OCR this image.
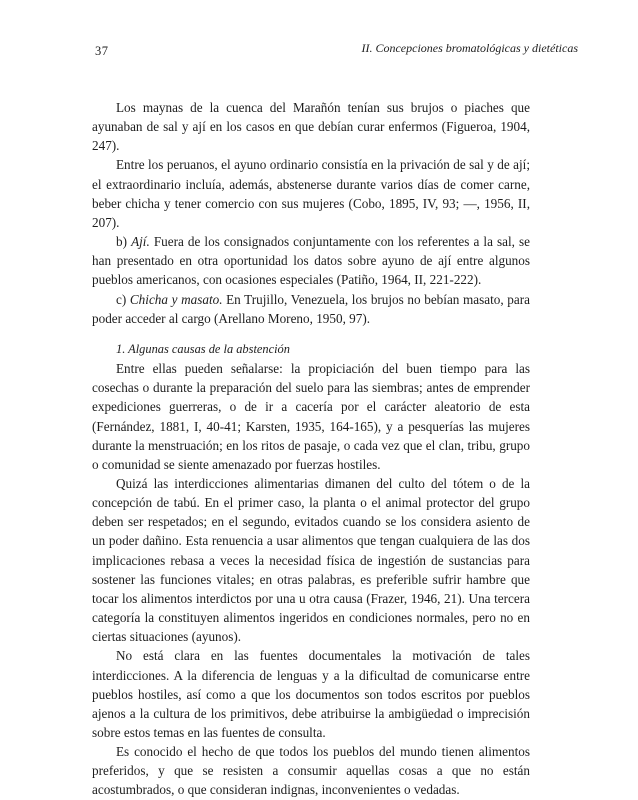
37	II. Concepciones bromatológicas y dietéticas

Los maynas de la cuenca del Marañón tenían sus brujos o piaches que ayunaban de sal y ají en los casos en que debían curar enfermos (Figueroa, 1904, 247).

Entre los peruanos, el ayuno ordinario consistía en la privación de sal y de ají; el extraordinario incluía, además, abstenerse durante varios días de comer carne, beber chicha y tener comercio con sus mujeres (Cobo, 1895, IV, 93; —, 1956, II, 207).

b) Ají. Fuera de los consignados conjuntamente con los referentes a la sal, se han presentado en otra oportunidad los datos sobre ayuno de ají entre algunos pueblos americanos, con ocasiones especiales (Patiño, 1964, II, 221-222).

c) Chicha y masato. En Trujillo, Venezuela, los brujos no bebían masato, para poder acceder al cargo (Arellano Moreno, 1950, 97).

1. Algunas causas de la abstención

Entre ellas pueden señalarse: la propiciación del buen tiempo para las cosechas o durante la preparación del suelo para las siembras; antes de emprender expediciones guerreras, o de ir a cacería por el carácter aleatorio de esta (Fernández, 1881, I, 40-41; Karsten, 1935, 164-165), y a pesquerías las mujeres durante la menstruación; en los ritos de pasaje, o cada vez que el clan, tribu, grupo o comunidad se siente amenazado por fuerzas hostiles.

Quizá las interdicciones alimentarias dimanen del culto del tótem o de la concepción de tabú. En el primer caso, la planta o el animal protector del grupo deben ser respetados; en el segundo, evitados cuando se los considera asiento de un poder dañino. Esta renuencia a usar alimentos que tengan cualquiera de las dos implicaciones rebasa a veces la necesidad física de ingestión de sustancias para sostener las funciones vitales; en otras palabras, es preferible sufrir hambre que tocar los alimentos interdictos por una u otra causa (Frazer, 1946, 21). Una tercera categoría la constituyen alimentos ingeridos en condiciones normales, pero no en ciertas situaciones (ayunos).

No está clara en las fuentes documentales la motivación de tales interdicciones. A la diferencia de lenguas y a la dificultad de comunicarse entre pueblos hostiles, así como a que los documentos son todos escritos por pueblos ajenos a la cultura de los primitivos, debe atribuirse la ambigüedad o imprecisión sobre estos temas en las fuentes de consulta.

Es conocido el hecho de que todos los pueblos del mundo tienen alimentos preferidos, y que se resisten a consumir aquellas cosas a que no están acostumbrados, o que consideran indignas, inconvenientes o vedadas.
